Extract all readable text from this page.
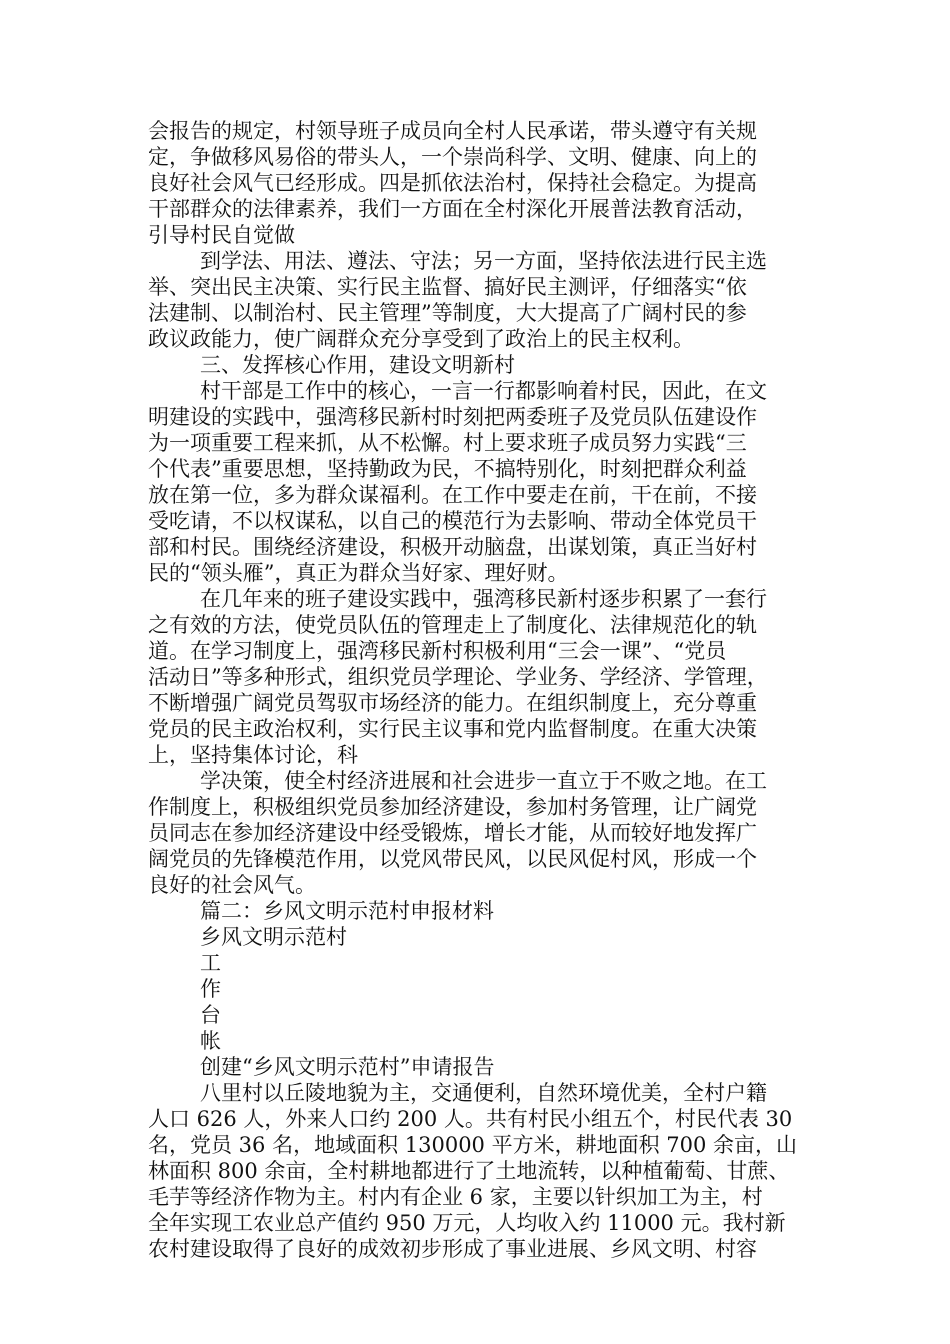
会报告的规定，村领导班子成员向全村人民承诺，带头遵守有关规
定，争做移风易俗的带头人，一个崇尚科学、文明、健康、向上的
良好社会风气已经形成。四是抓依法治村，保持社会稳定。为提高
干部群众的法律素养，我们一方面在全村深化开展普法教育活动，
引导村民自觉做
到学法、用法、遵法、守法；另一方面，坚持依法进行民主选
举、突出民主决策、实行民主监督、搞好民主测评，仔细落实“依
法建制、以制治村、民主管理”等制度，大大提高了广阔村民的参
政议政能力，使广阔群众充分享受到了政治上的民主权利。
三、发挥核心作用，建设文明新村
村干部是工作中的核心，一言一行都影响着村民，因此，在文
明建设的实践中，强湾移民新村时刻把两委班子及党员队伍建设作
为一项重要工程来抓，从不松懈。村上要求班子成员努力实践“三
个代表”重要思想，坚持勤政为民，不搞特别化，时刻把群众利益
放在第一位，多为群众谋福利。在工作中要走在前，干在前，不接
受吃请，不以权谋私，以自己的模范行为去影响、带动全体党员干
部和村民。围绕经济建设，积极开动脑盘，出谋划策，真正当好村
民的“领头雁”，真正为群众当好家、理好财。
在几年来的班子建设实践中，强湾移民新村逐步积累了一套行
之有效的方法，使党员队伍的管理走上了制度化、法律规范化的轨
道。在学习制度上，强湾移民新村积极利用“三会一课”、“党员
活动日”等多种形式，组织党员学理论、学业务、学经济、学管理，
不断增强广阔党员驾驭市场经济的能力。在组织制度上，充分尊重
党员的民主政治权利，实行民主议事和党内监督制度。在重大决策
上，坚持集体讨论，科
学决策，使全村经济进展和社会进步一直立于不败之地。在工
作制度上，积极组织党员参加经济建设，参加村务管理，让广阔党
员同志在参加经济建设中经受锻炼，增长才能，从而较好地发挥广
阔党员的先锋模范作用，以党风带民风，以民风促村风，形成一个
良好的社会风气。
篇二：乡风文明示范村申报材料
乡风文明示范村
工
作
台
帐
创建“乡风文明示范村”申请报告
八里村以丘陵地貌为主，交通便利，自然环境优美，全村户籍
人口 626 人，外来人口约 200 人。共有村民小组五个，村民代表 30
名，党员 36 名，地域面积 130000 平方米，耕地面积 700 余亩，山
林面积 800 余亩，全村耕地都进行了土地流转，以种植葡萄、甘蔗、
毛芋等经济作物为主。村内有企业 6 家，主要以针织加工为主，村
全年实现工农业总产值约 950 万元，人均收入约 11000 元。我村新
农村建设取得了良好的成效初步形成了事业进展、乡风文明、村容
